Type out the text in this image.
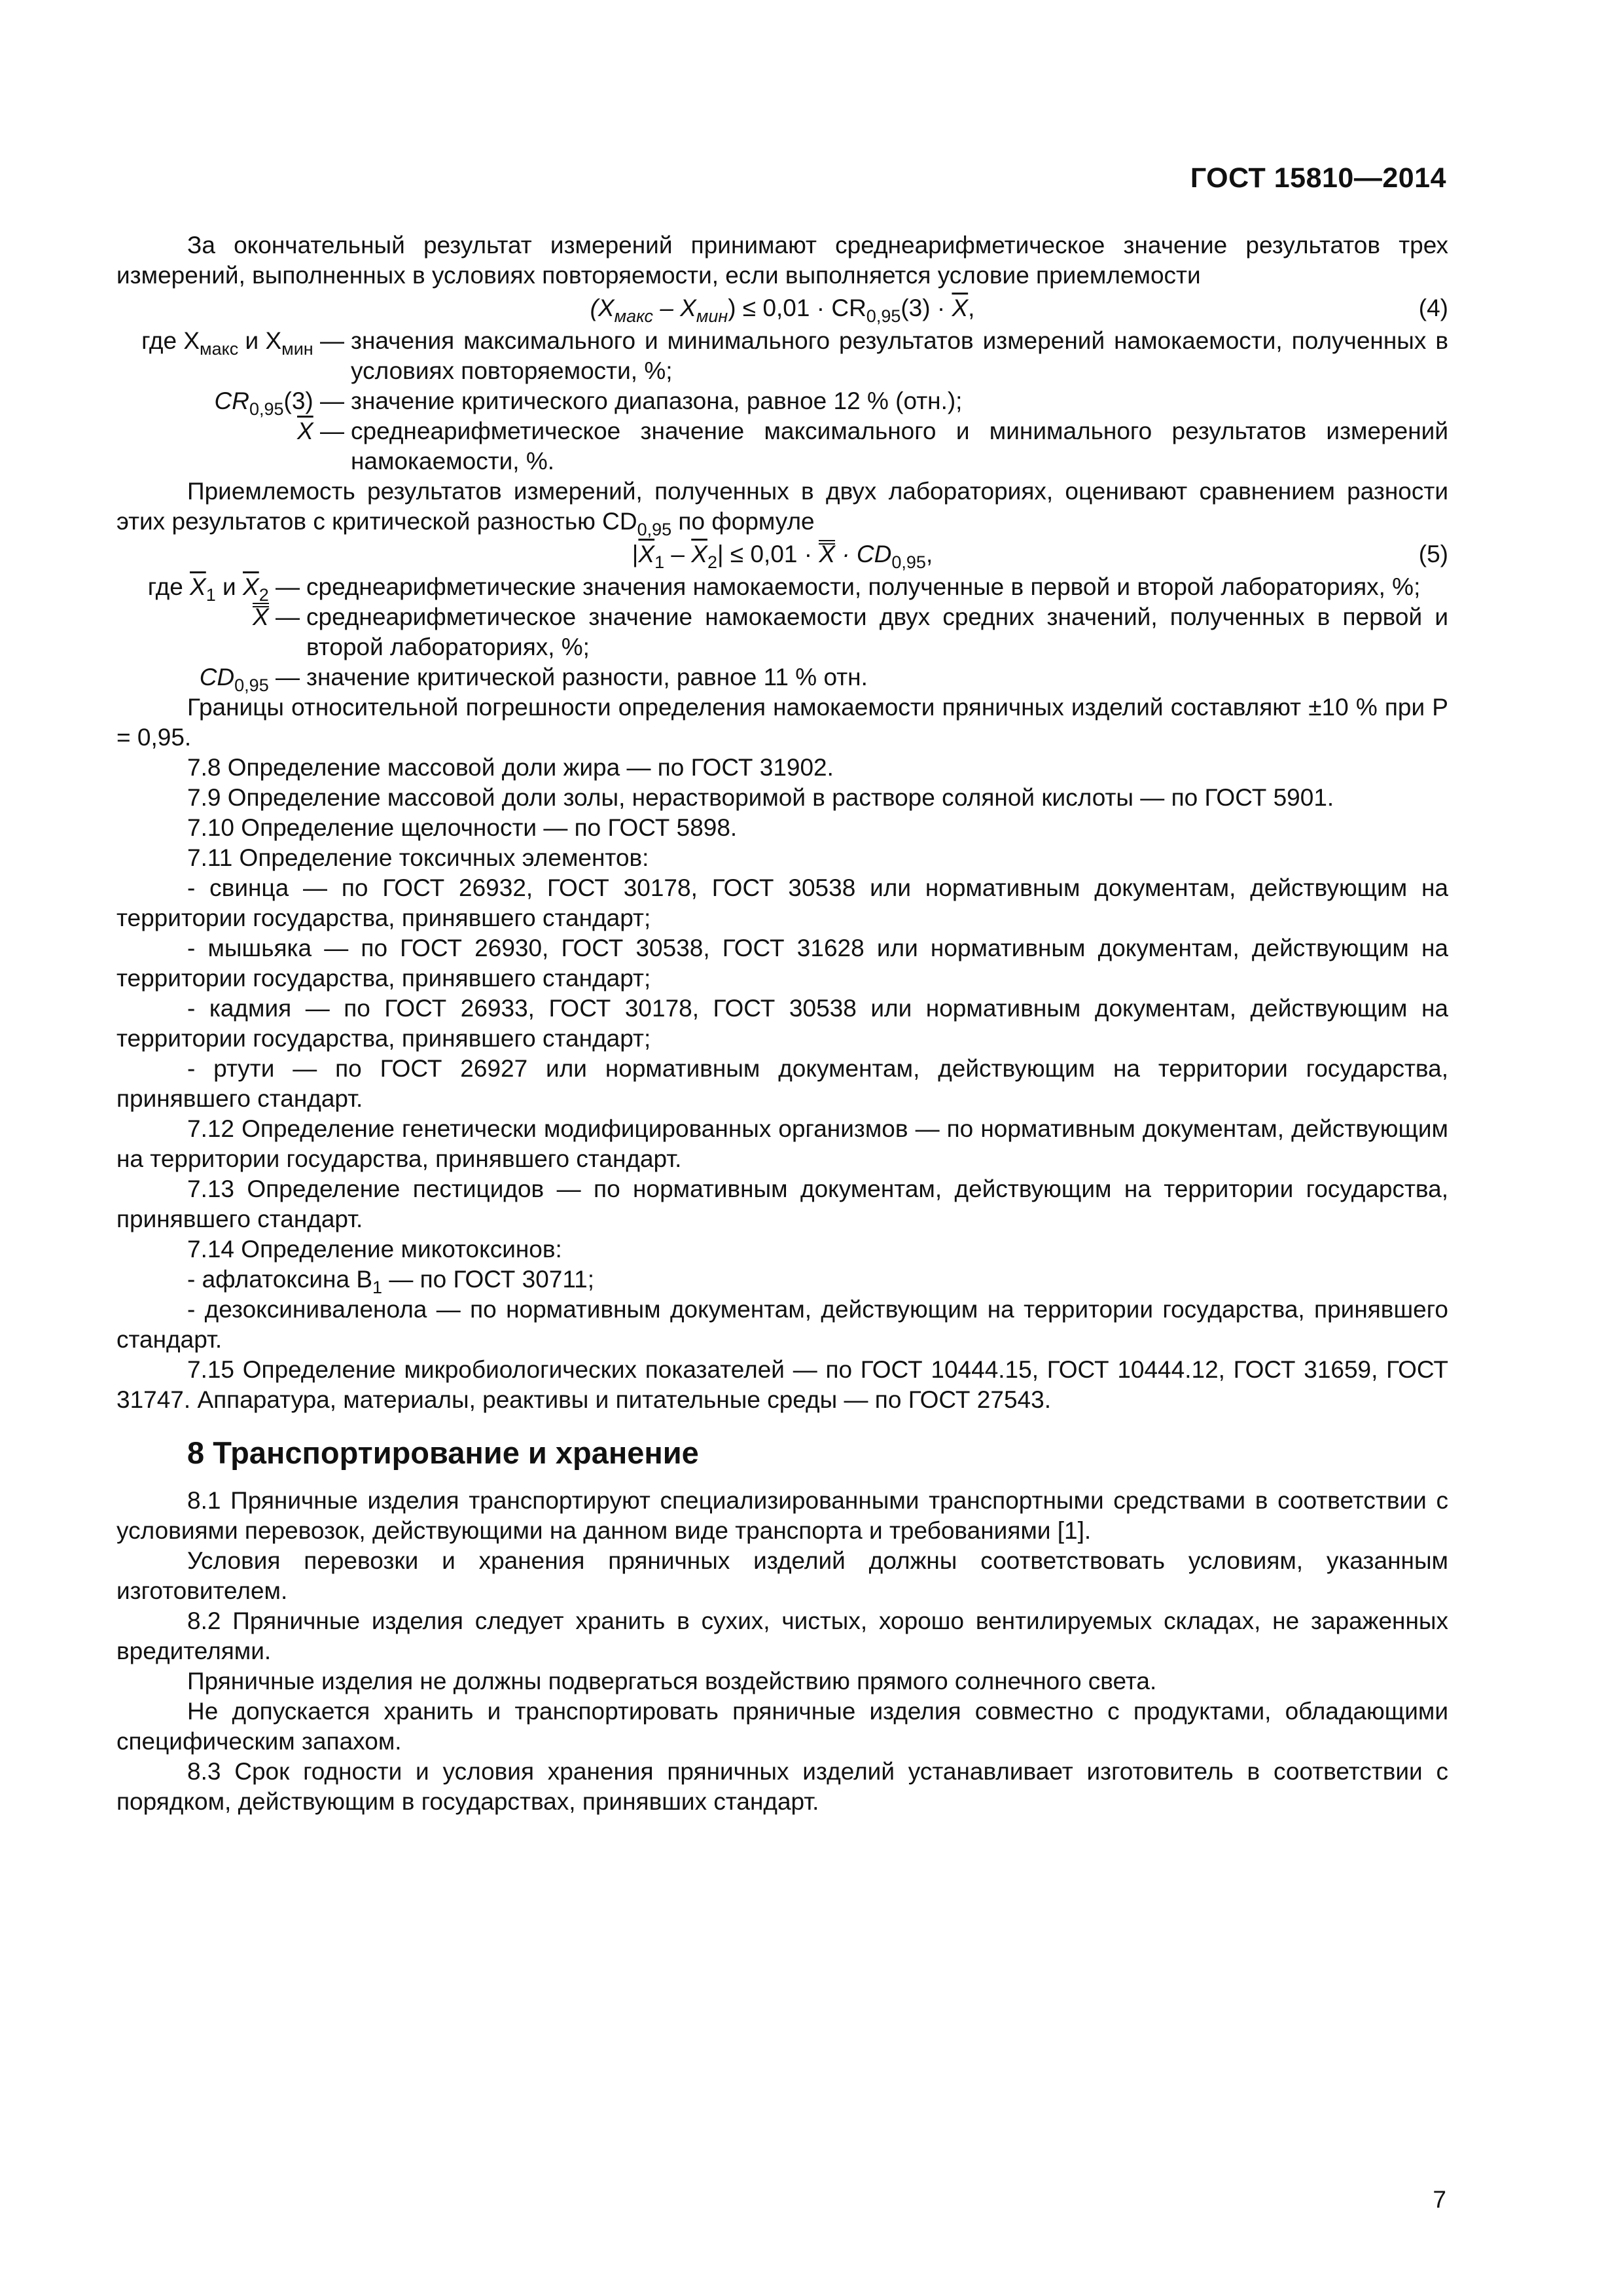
ГОСТ 15810—2014

За окончательный результат измерений принимают среднеарифметическое значение результатов трех измерений, выполненных в условиях повторяемости, если выполняется условие приемлемости

$(X_{макс} - X_{мин}) \le 0,01 \cdot CR_{0,95}(3) \cdot \overline{X}$,	(4)
где $X_{макс}$ и $X_{мин}$ — значения максимального и минимального результатов измерений намокаемости, полученных в условиях повторяемости, %;
$CR_{0,95}(3)$ — значение критического диапазона, равное 12 % (отн.);
$\overline{X}$ — среднеарифметическое значение максимального и минимального результатов измерений намокаемости, %.

Приемлемость результатов измерений, полученных в двух лабораториях, оценивают сравнением разности этих результатов с критической разностью $CD_{0,95}$ по формуле

$|\overline{X}_1 - \overline{X}_2| \le 0,01 \cdot X \cdot CD_{0,95}$,	(5)
где $\overline{X}_1$ и $\overline{X}_2$ — среднеарифметические значения намокаемости, полученные в первой и второй лабораториях, %;
X — среднеарифметическое значение намокаемости двух средних значений, полученных в первой и второй лабораториях, %;
$CD_{0,95}$ — значение критической разности, равное 11 % отн.

Границы относительной погрешности определения намокаемости пряничных изделий составляют ±10 % при P = 0,95.

7.8 Определение массовой доли жира — по ГОСТ 31902.

7.9 Определение массовой доли золы, нерастворимой в растворе соляной кислоты — по ГОСТ 5901.

7.10 Определение щелочности — по ГОСТ 5898.

7.11 Определение токсичных элементов:

- свинца — по ГОСТ 26932, ГОСТ 30178, ГОСТ 30538 или нормативным документам, действующим на территории государства, принявшего стандарт;

- мышьяка — по ГОСТ 26930, ГОСТ 30538, ГОСТ 31628 или нормативным документам, действующим на территории государства, принявшего стандарт;

- кадмия — по ГОСТ 26933, ГОСТ 30178, ГОСТ 30538 или нормативным документам, действующим на территории государства, принявшего стандарт;

- ртути — по ГОСТ 26927 или нормативным документам, действующим на территории государства, принявшего стандарт.

7.12 Определение генетически модифицированных организмов — по нормативным документам, действующим на территории государства, принявшего стандарт.

7.13 Определение пестицидов — по нормативным документам, действующим на территории государства, принявшего стандарт.

7.14 Определение микотоксинов:

- афлатоксина $B_1$ — по ГОСТ 30711;

- дезоксиниваленола — по нормативным документам, действующим на территории государства, принявшего стандарт.

7.15 Определение микробиологических показателей — по ГОСТ 10444.15, ГОСТ 10444.12, ГОСТ 31659, ГОСТ 31747. Аппаратура, материалы, реактивы и питательные среды — по ГОСТ 27543.

8 Транспортирование и хранение

8.1 Пряничные изделия транспортируют специализированными транспортными средствами в соответствии с условиями перевозок, действующими на данном виде транспорта и требованиями [1].

Условия перевозки и хранения пряничных изделий должны соответствовать условиям, указанным изготовителем.

8.2 Пряничные изделия следует хранить в сухих, чистых, хорошо вентилируемых складах, не зараженных вредителями.

Пряничные изделия не должны подвергаться воздействию прямого солнечного света.

Не допускается хранить и транспортировать пряничные изделия совместно с продуктами, обладающими специфическим запахом.

8.3 Срок годности и условия хранения пряничных изделий устанавливает изготовитель в соответствии с порядком, действующим в государствах, принявших стандарт.

7
